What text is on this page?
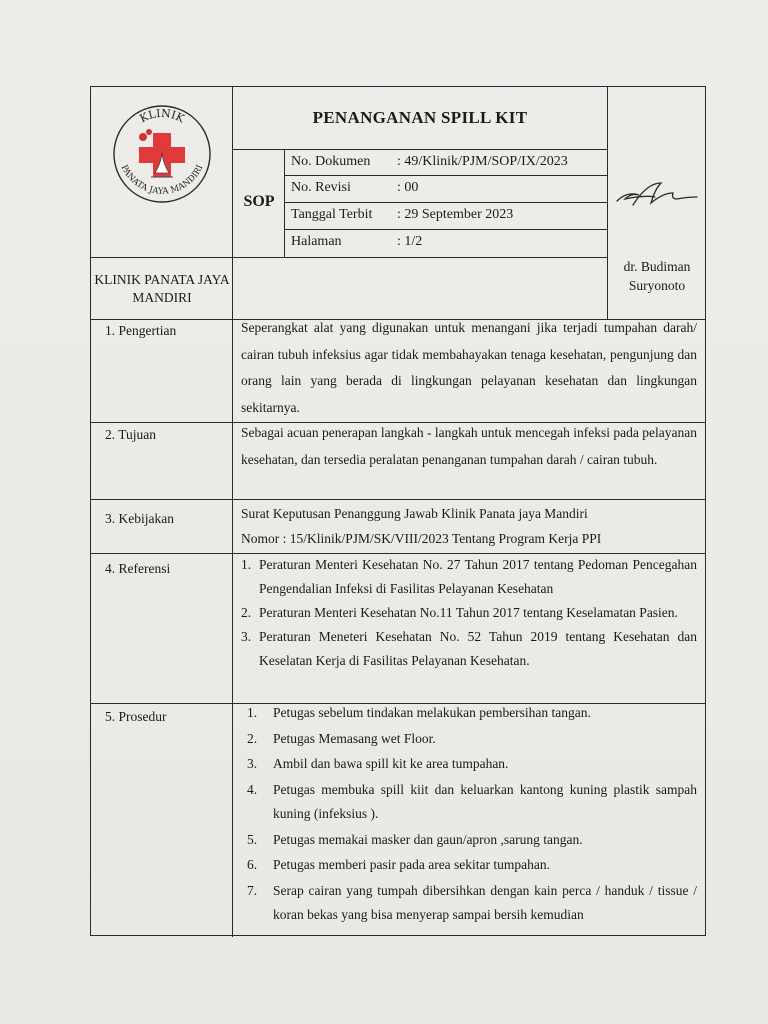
KLINIK
PANATA JAYA MANDIRI
PENANGANAN SPILL KIT
SOP
No. Dokumen : 49/Klinik/PJM/SOP/IX/2023
No. Revisi	: 00
Tanggal Terbit : 29 September 2023
Halaman	: 1/2
KLINIK PANATA JAYA MANDIRI
dr. Budiman Suryonoto
1. Pengertian	Seperangkat alat yang digunakan untuk menangani jika terjadi tumpahan darah/ cairan tubuh infeksius agar tidak membahayakan tenaga kesehatan, pengunjung dan orang lain yang berada di lingkungan pelayanan kesehatan dan lingkungan sekitarnya.

2. Tujuan	Sebagai acuan penerapan langkah - langkah untuk mencegah infeksi pada pelayanan kesehatan, dan tersedia peralatan penanganan tumpahan darah / cairan tubuh.

3. Kebijakan	Surat Keputusan Penanggung Jawab Klinik Panata jaya Mandiri

Nomor : 15/Klinik/PJM/SK/VIII/2023 Tentang Program Kerja PPI

4. Referensi	1. Peraturan Menteri Kesehatan No. 27 Tahun 2017 tentang Pedoman Pencegahan Pengendalian Infeksi di Fasilitas Pelayanan Kesehatan
2. Peraturan Menteri Kesehatan No.11 Tahun 2017 tentang Keselamatan Pasien.
3. Peraturan Meneteri Kesehatan No. 52 Tahun 2019 tentang Kesehatan dan Keselatan Kerja di Fasilitas Pelayanan Kesehatan.
5. Prosedur	1. Petugas sebelum tindakan melakukan pembersihan tangan.
2. Petugas Memasang wet Floor.
3. Ambil dan bawa spill kit ke area tumpahan.
4. Petugas membuka spill kiit dan keluarkan kantong kuning plastik sampah kuning (infeksius ).
5. Petugas memakai masker dan gaun/apron ,sarung tangan.
6. Petugas memberi pasir pada area sekitar tumpahan.
7. Serap cairan yang tumpah dibersihkan dengan kain perca / handuk / tissue / koran bekas yang bisa menyerap sampai bersih kemudian
